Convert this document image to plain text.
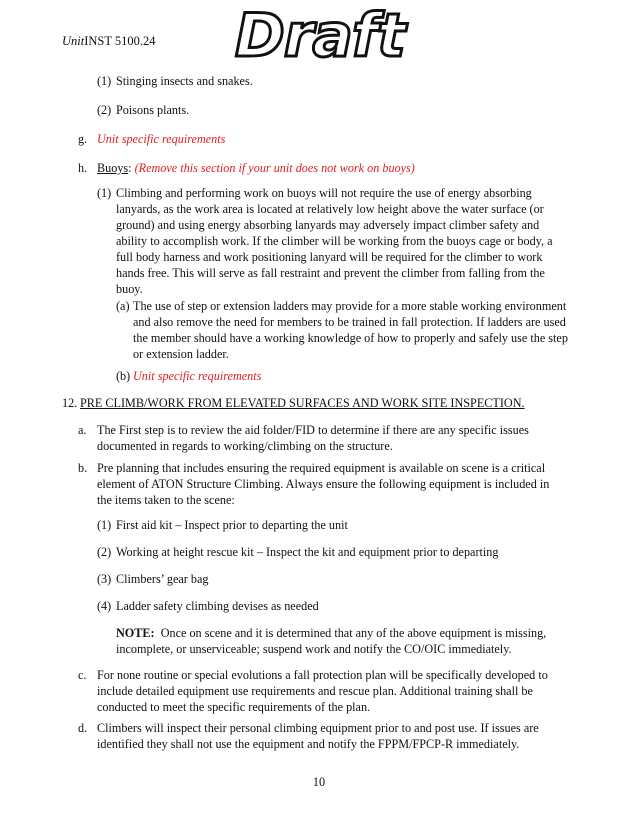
UnitINST 5100.24 Draft
(1) Stinging insects and snakes.
(2) Poisons plants.
g. Unit specific requirements
h. Buoys: (Remove this section if your unit does not work on buoys)
(1) Climbing and performing work on buoys will not require the use of energy absorbing
lanyards, as the work area is located at relatively low height above the water surface (or
ground) and using energy absorbing lanyards may adversely impact climber safety and
ability to accomplish work. If the climber will be working from the buoys cage or body, a
full body harness and work positioning lanyard will be required for the climber to work
hands free. This will serve as fall restraint and prevent the climber from falling from the
buoy.
(a) The use of step or extension ladders may provide for a more stable working environment
and also remove the need for members to be trained in fall protection. If ladders are used
the member should have a working knowledge of how to properly and safely use the step
or extension ladder.
(b) Unit specific requirements
12. PRE CLIMB/WORK FROM ELEVATED SURFACES AND WORK SITE INSPECTION.
a. The First step is to review the aid folder/FID to determine if there are any specific issues
documented in regards to working/climbing on the structure.
b. Pre planning that includes ensuring the required equipment is available on scene is a critical
element of ATON Structure Climbing. Always ensure the following equipment is included in
the items taken to the scene:
(1) First aid kit – Inspect prior to departing the unit
(2) Working at height rescue kit – Inspect the kit and equipment prior to departing
(3) Climbers’ gear bag
(4) Ladder safety climbing devises as needed
NOTE: Once on scene and it is determined that any of the above equipment is missing,
incomplete, or unserviceable; suspend work and notify the CO/OIC immediately.
c. For none routine or special evolutions a fall protection plan will be specifically developed to
include detailed equipment use requirements and rescue plan. Additional training shall be
conducted to meet the specific requirements of the plan.
d. Climbers will inspect their personal climbing equipment prior to and post use. If issues are
identified they shall not use the equipment and notify the FPPM/FPCP-R immediately.
10
